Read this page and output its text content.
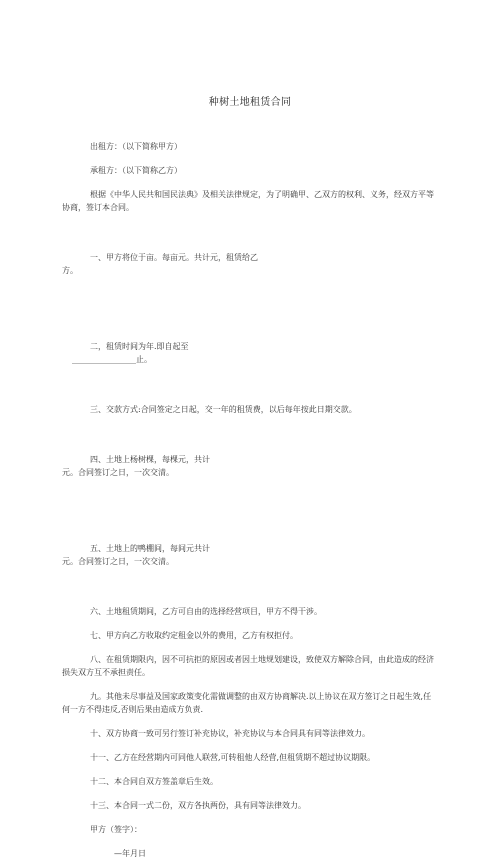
种树土地租赁合同

出租方：（以下简称甲方）

承租方：（以下简称乙方）

根据《中华人民共和国民法典》及相关法律规定，为了明确甲、乙双方的权利、义务，经双方平等协商，签订本合同。

一、甲方将位于亩。每亩元。共计元，租赁给乙
方。

二，租赁时间为年.即自起至
________________止。

三、交款方式:合同签定之日起，交一年的租赁费，以后每年按此日期交款。

四、土地上杨树棵，每棵元，共计
元。合同签订之日，一次交清。

五、土地上的鸭棚间，每间元共计
元。合同签订之日，一次交清。

六、土地租赁期间，乙方可自由的选择经营项目，甲方不得干涉。

七、甲方向乙方收取约定租金以外的费用，乙方有权拒付。

八、在租赁期限内，因不可抗拒的原因或者因土地规划建设，致使双方解除合同，由此造成的经济损失双方互不承担责任。

九。其他未尽事益及国家政策变化需做调整的由双方协商解决.以上协议在双方签订之日起生效,任何一方不得违反,否则后果由造成方负责.

十、双方协商一致可另行签订补充协议，补充协议与本合同具有同等法律效力。

十一、乙方在经营期内可同他人联营,可转租他人经营,但租赁期不超过协议期限。

十二、本合同自双方签盖章后生效。

十三、本合同一式二份，双方各执两份，具有同等法律效力。

甲方（签字）：

—年月日
